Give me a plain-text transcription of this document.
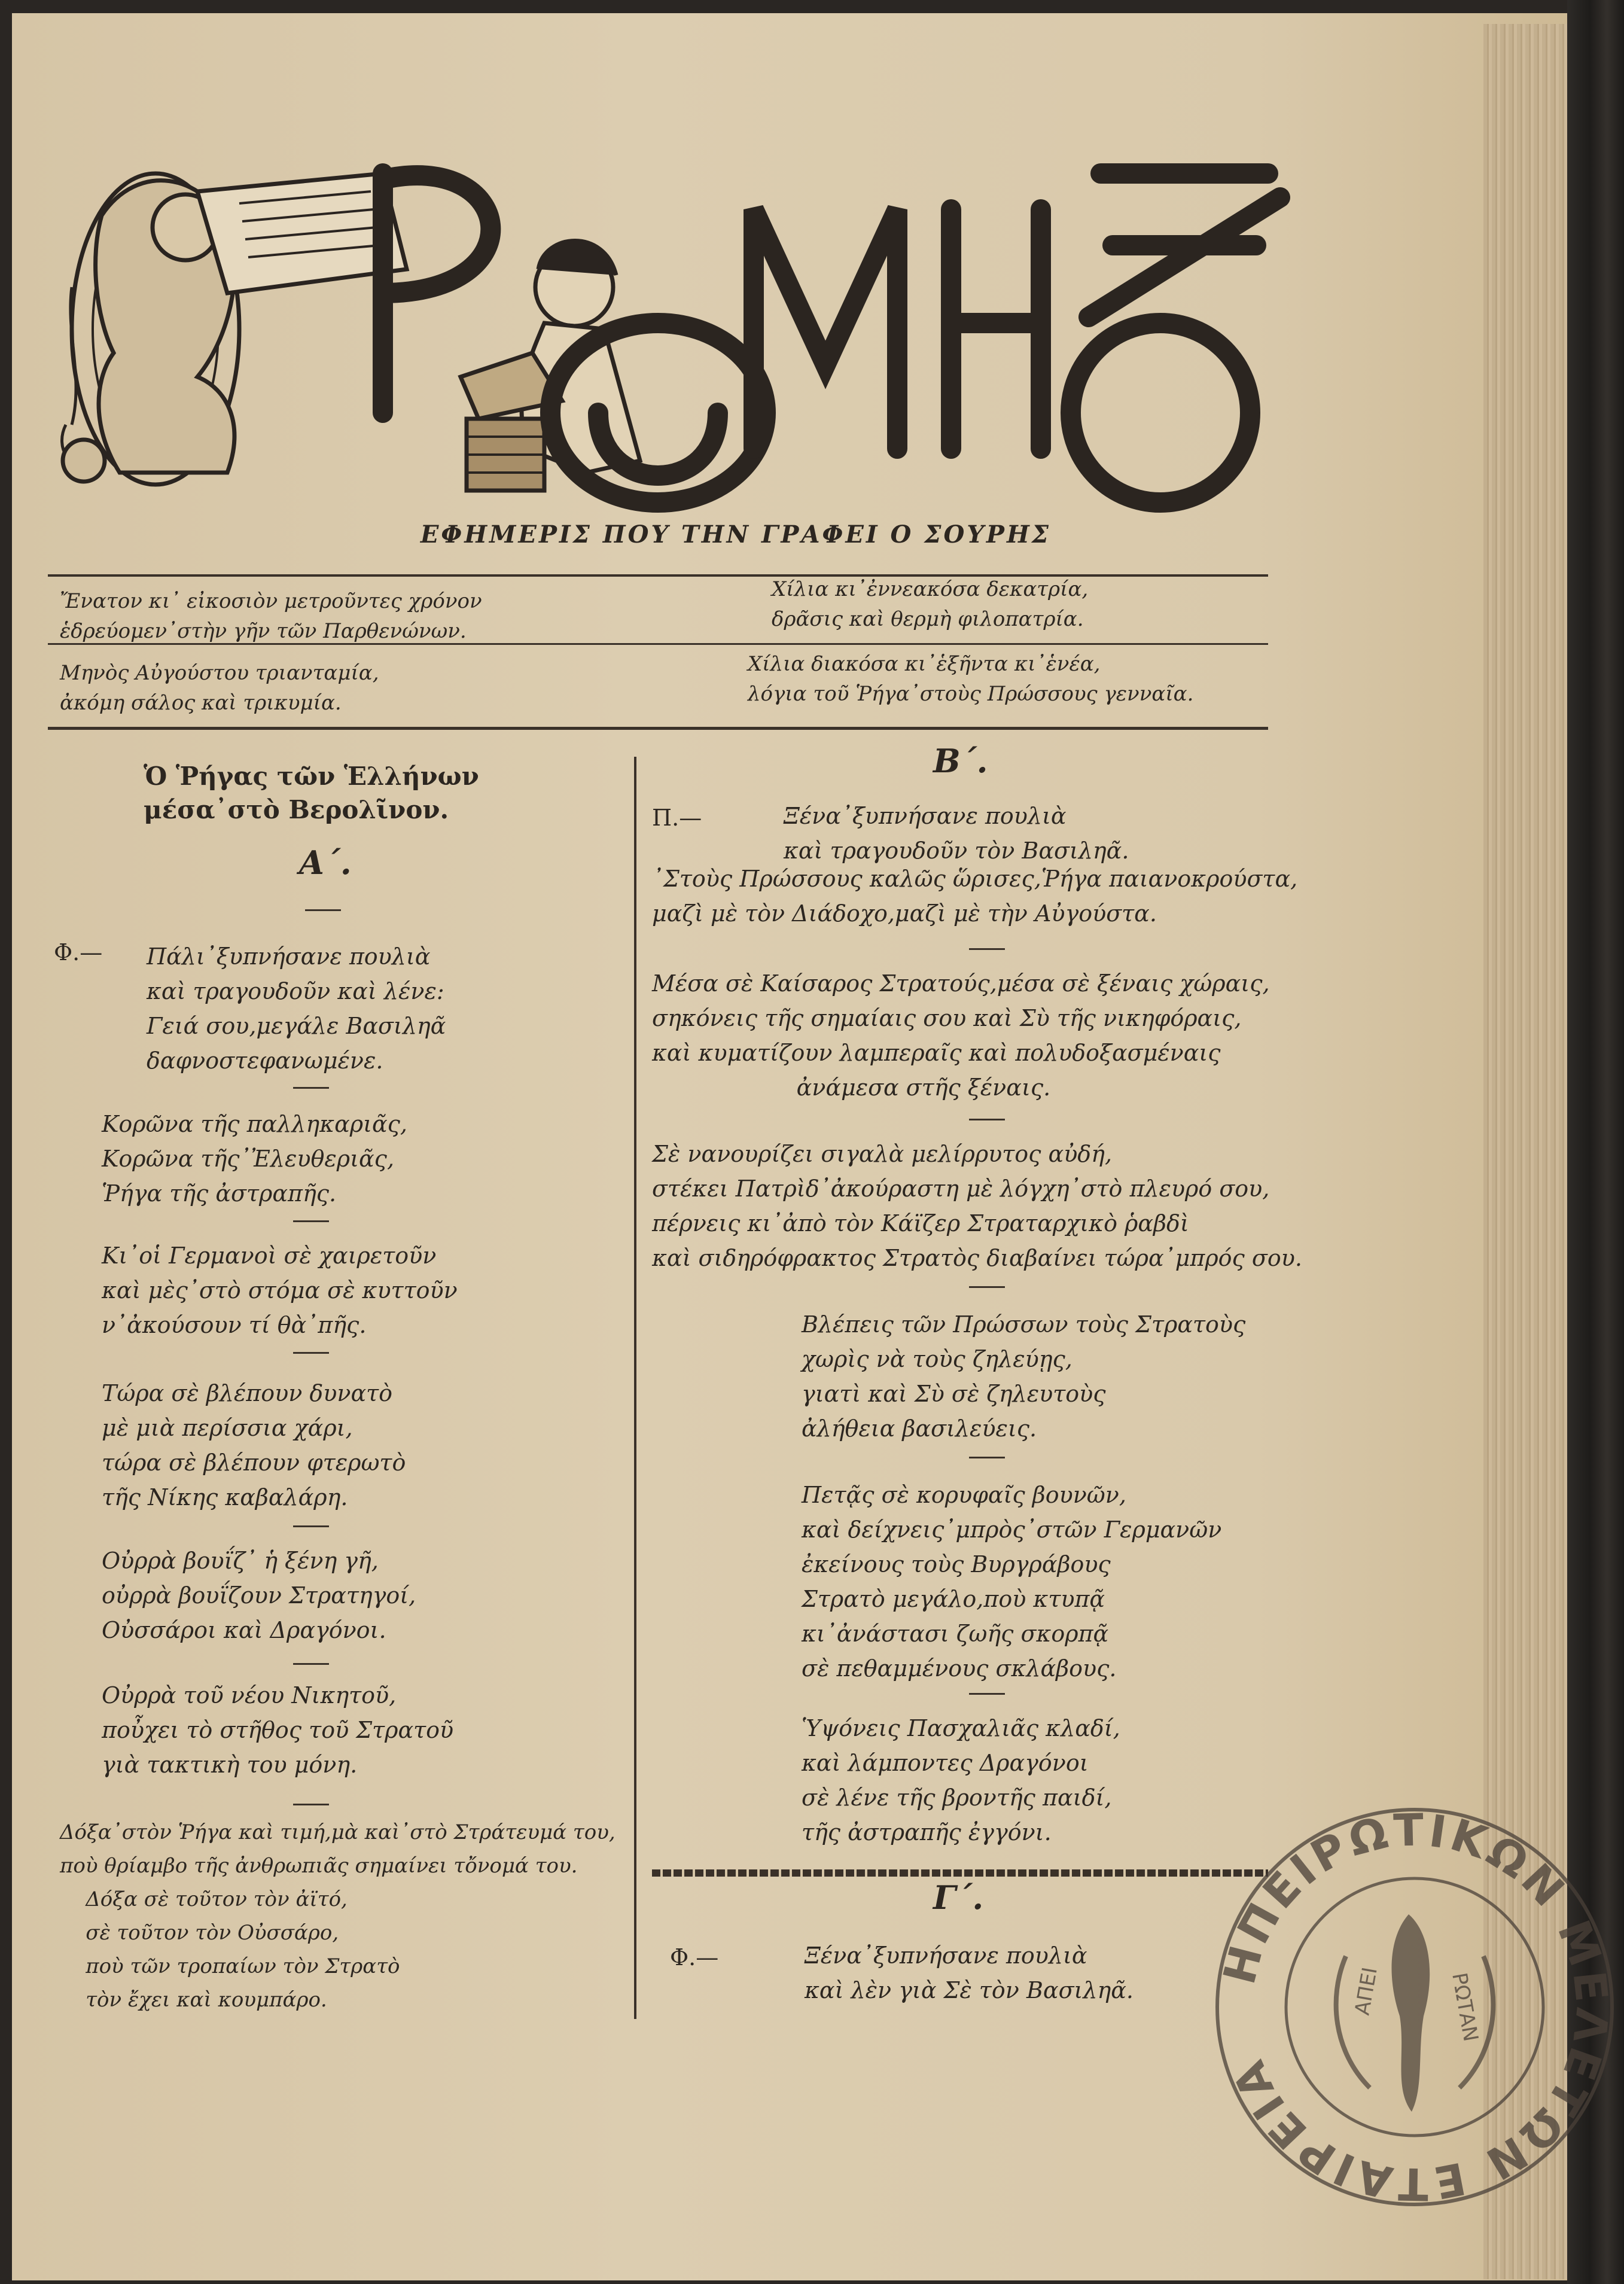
ΕΦΗΜΕΡΙΣ ΠΟΥ ΤΗΝ ΓΡΑΦΕΙ Ο ΣΟΥΡΗΣ
Ἔνατον κι᾿ εἰκοσιὸν μετροῦντες χρόνον
ἑδρεύομεν᾿στὴν γῆν τῶν Παρθενώνων.
Χίλια κι᾿ἐννεακόσα δεκατρία,
δρᾶσις καὶ θερμὴ φιλοπατρία.
Μηνὸς Αὐγούστου τριανταμία,
ἀκόμη σάλος καὶ τρικυμία.
Χίλια διακόσα κι᾿ἑξῆντα κι᾿ἑνέα,
λόγια τοῦ Ῥήγα᾿στοὺς Πρώσσους γενναῖα.
Ὁ Ῥήγας τῶν Ἑλλήνων
μέσα᾿στὸ Βερολῖνον.
Α΄.
Φ.— Πάλι᾿ξυπνήσανε πουλιὰ
καὶ τραγουδοῦν καὶ λένε:
Γειά σου,μεγάλε Βασιληᾶ
δαφνοστεφανωμένε.
Κορῶνα τῆς παλληκαριᾶς,
Κορῶνα τῆς᾿Ἐλευθεριᾶς,
Ῥήγα τῆς ἀστραπῆς.
Κι᾿οἱ Γερμανοὶ σὲ χαιρετοῦν
καὶ μὲς᾿στὸ στόμα σὲ κυττοῦν
ν᾿ἀκούσουν τί θὰ᾿πῆς.
Τώρα σὲ βλέπουν δυνατὸ
μὲ μιὰ περίσσια χάρι,
τώρα σὲ βλέπουν φτερωτὸ
τῆς Νίκης καβαλάρη.
Οὐρρὰ βουΐζ᾿ ἡ ξένη γῆ,
οὐρρὰ βουΐζουν Στρατηγοί,
Οὐσσάροι καὶ Δραγόνοι.
Οὐρρὰ τοῦ νέου Νικητοῦ,
ποὖχει τὸ στῆθος τοῦ Στρατοῦ
γιὰ τακτικὴ του μόνη.
Δόξα᾿στὸν Ῥήγα καὶ τιμή,μὰ καὶ᾿στὸ Στράτευμά του,
ποὺ θρίαμβο τῆς ἀνθρωπιᾶς σημαίνει τὄνομά του.
Δόξα σὲ τοῦτον τὸν ἀϊτό,
σὲ τοῦτον τὸν Οὐσσάρο,
ποὺ τῶν τροπαίων τὸν Στρατὸ
τὸν ἔχει καὶ κουμπάρο.
Β΄.
Π.—	Ξένα᾿ξυπνήσανε πουλιὰ
καὶ τραγουδοῦν τὸν Βασιληᾶ.
᾿Στοὺς Πρώσσους καλῶς ὥρισες,Ῥήγα παιανοκρούστα,
μαζὶ μὲ τὸν Διάδοχο,μαζὶ μὲ τὴν Αὐγούστα.
Μέσα σὲ Καίσαρος Στρατούς,μέσα σὲ ξέναις χώραις,
σηκόνεις τῆς σημαίαις σου καὶ Σὺ τῆς νικηφόραις,
καὶ κυματίζουν λαμπεραῖς καὶ πολυδοξασμέναις
ἀνάμεσα στῆς ξέναις.
Σὲ νανουρίζει σιγαλὰ μελίρρυτος αὐδή,
στέκει Πατρὶδ᾿ἀκούραστη μὲ λόγχη᾿στὸ πλευρό σου,
πέρνεις κι᾿ἀπὸ τὸν Κάϊζερ Στραταρχικὸ ῥαβδὶ
καὶ σιδηρόφρακτος Στρατὸς διαβαίνει τώρα᾿μπρός σου.
Βλέπεις τῶν Πρώσσων τοὺς Στρατοὺς
χωρὶς νὰ τοὺς ζηλεύῃς,
γιατὶ καὶ Σὺ σὲ ζηλευτοὺς
ἀλήθεια βασιλεύεις.
Πετᾷς σὲ κορυφαῖς βουνῶν,
καὶ δείχνεις᾿μπρὸς᾿στῶν Γερμανῶν
ἐκείνους τοὺς Βυργράβους
Στρατὸ μεγάλο,ποὺ κτυπᾷ
κι᾿ἀνάστασι ζωῆς σκορπᾷ
σὲ πεθαμμένους σκλάβους.
Ὑψόνεις Πασχαλιᾶς κλαδί,
καὶ λάμποντες Δραγόνοι
σὲ λένε τῆς βροντῆς παιδί,
τῆς ἀστραπῆς ἐγγόνι.
Γ΄.
Φ.—	Ξένα᾿ξυπνήσανε πουλιὰ
καὶ λὲν γιὰ Σὲ τὸν Βασιληᾶ.
ΗΠΕΙΡΩΤΙΚΩΝ ΜΕΛΕΤΩΝ ΕΤΑΙΡΕΙΑ
ΑΠΕΙ	ΡΩΤΑΝ
